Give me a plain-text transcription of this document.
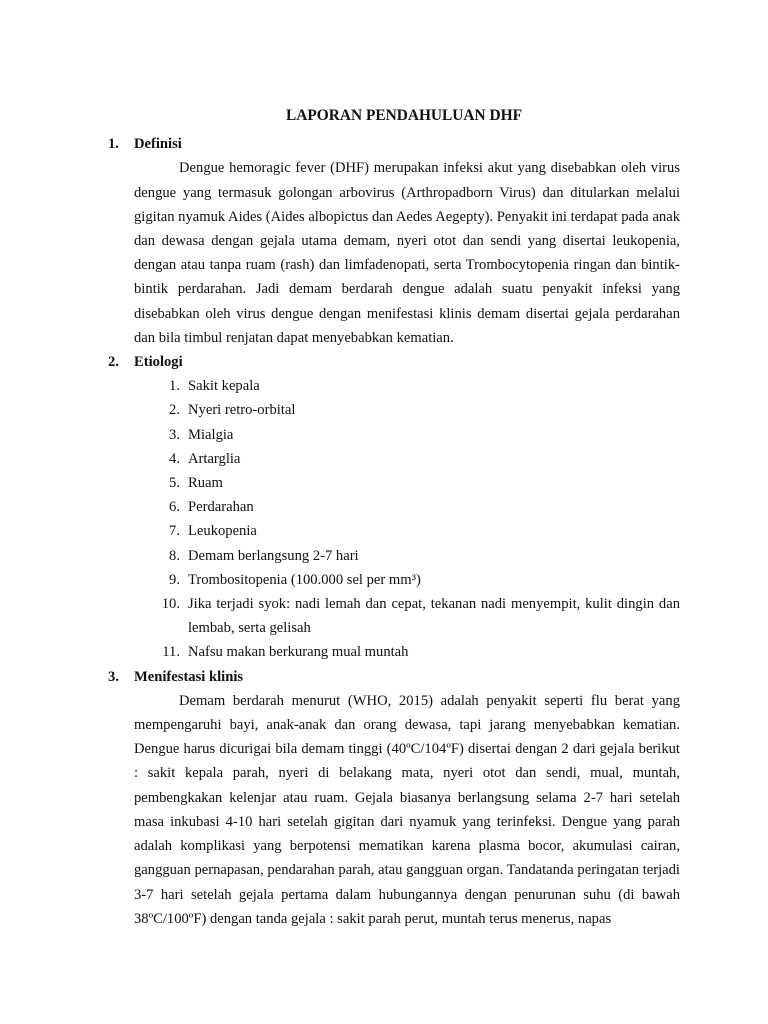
LAPORAN PENDAHULUAN DHF
1.	Definisi

Dengue hemoragic fever (DHF) merupakan infeksi akut yang disebabkan oleh virus dengue yang termasuk golongan arbovirus (Arthropadborn Virus) dan ditularkan melalui gigitan nyamuk Aides (Aides albopictus dan Aedes Aegepty). Penyakit ini terdapat pada anak dan dewasa dengan gejala utama demam, nyeri otot dan sendi yang disertai leukopenia, dengan atau tanpa ruam (rash) dan limfadenopati, serta Trombocytopenia ringan dan bintik-bintik perdarahan. Jadi demam berdarah dengue adalah suatu penyakit infeksi yang disebabkan oleh virus dengue dengan menifestasi klinis demam disertai gejala perdarahan dan bila timbul renjatan dapat menyebabkan kematian.

2.	Etiologi
1. Sakit kepala
2. Nyeri retro-orbital
3. Mialgia
4. Artarglia
5. Ruam
6. Perdarahan
7. Leukopenia
8. Demam berlangsung 2-7 hari
9. Trombositopenia (100.000 sel per mm³)
10. Jika terjadi syok: nadi lemah dan cepat, tekanan nadi menyempit, kulit dingin dan lembab, serta gelisah
11. Nafsu makan berkurang mual muntah
3.	Menifestasi klinis

Demam berdarah menurut (WHO, 2015) adalah penyakit seperti flu berat yang mempengaruhi bayi, anak-anak dan orang dewasa, tapi jarang menyebabkan kematian. Dengue harus dicurigai bila demam tinggi (40ºC/104ºF) disertai dengan 2 dari gejala berikut : sakit kepala parah, nyeri di belakang mata, nyeri otot dan sendi, mual, muntah, pembengkakan kelenjar atau ruam. Gejala biasanya berlangsung selama 2-7 hari setelah masa inkubasi 4-10 hari setelah gigitan dari nyamuk yang terinfeksi. Dengue yang parah adalah komplikasi yang berpotensi mematikan karena plasma bocor, akumulasi cairan, gangguan pernapasan, pendarahan parah, atau gangguan organ. Tandatanda peringatan terjadi 3-7 hari setelah gejala pertama dalam hubungannya dengan penurunan suhu (di bawah 38ºC/100ºF) dengan tanda gejala : sakit parah perut, muntah terus menerus, napas
